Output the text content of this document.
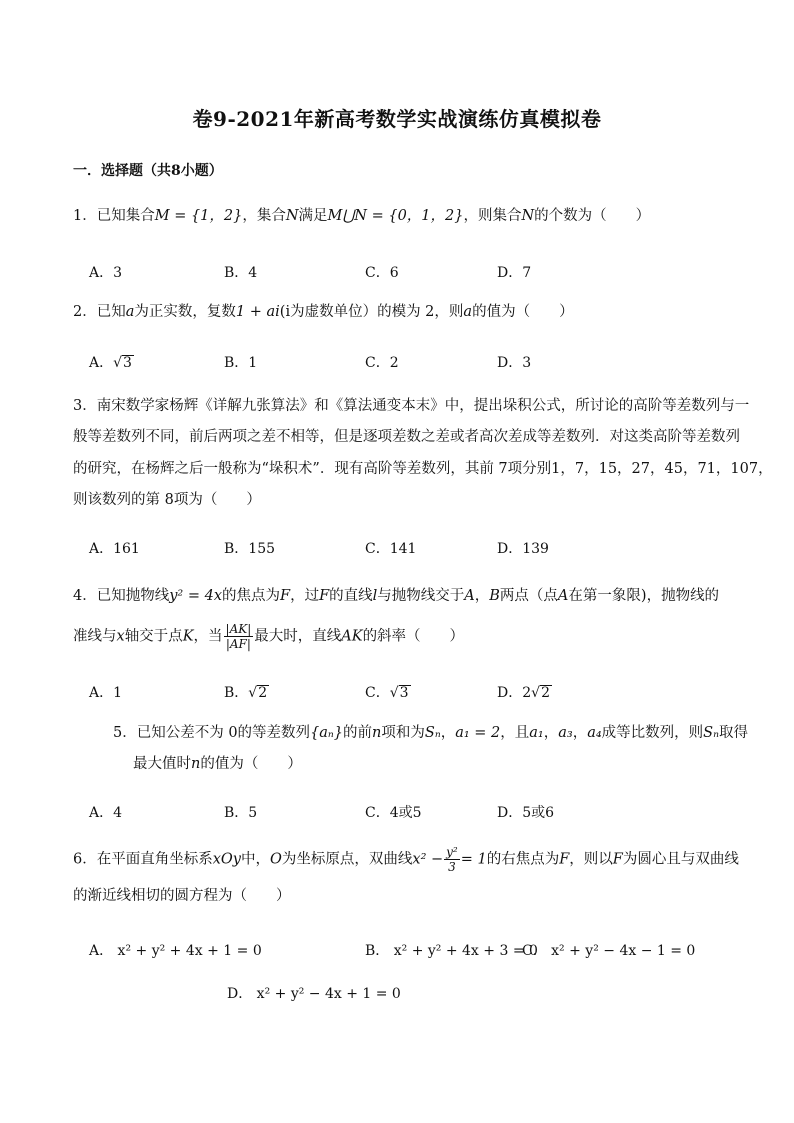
卷9-2021年新高考数学实战演练仿真模拟卷
一．选择题（共8小题）
1．已知集合M = {1，2}，集合N满足M⋃N = {0，1，2}，则集合N的个数为（　　）
A．3	B．4	C．6	D．7
2．已知a为正实数，复数1 + ai(i为虚数单位）的模为 2，则a的值为（　　）
A．√3	B．1	C．2	D．3
3．南宋数学家杨辉《详解九张算法》和《算法通变本末》中，提出垛积公式，所讨论的高阶等差数列与一
般等差数列不同，前后两项之差不相等，但是逐项差数之差或者高次差成等差数列．对这类高阶等差数列
的研究，在杨辉之后一般称为“垛积术”．现有高阶等差数列，其前 7项分别1，7，15，27，45，71，107，
则该数列的第 8项为（　　）
A．161	B．155	C．141	D．139
4．已知抛物线y² = 4x的焦点为F，过F的直线l与抛物线交于A，B两点（点A在第一象限)，抛物线的
准线与x轴交于点K，当 $\frac{|AK|}{|AF|}$ 最大时，直线AK的斜率（　　）
A．1	B．√2	C．√3	D．2√2
5．已知公差不为 0的等差数列{aₙ}的前n项和为Sₙ，a₁ = 2，且a₁，a₃，a₄成等比数列，则Sₙ取得
最大值时n的值为（　　）
A．4	B．5	C．4或5	D．5或6
6．在平面直角坐标系xOy中，O为坐标原点，双曲线$x^2 - \frac{\text{y²}}{3} = 1$的右焦点为F，则以F为圆心且与双曲线
的渐近线相切的圆方程为（　　）
A． x² + y² + 4x + 1 = 0	B． x² + y² + 4x + 3 = 0
C． x² + y² − 4x − 1 = 0
D． x² + y² − 4x + 1 = 0
